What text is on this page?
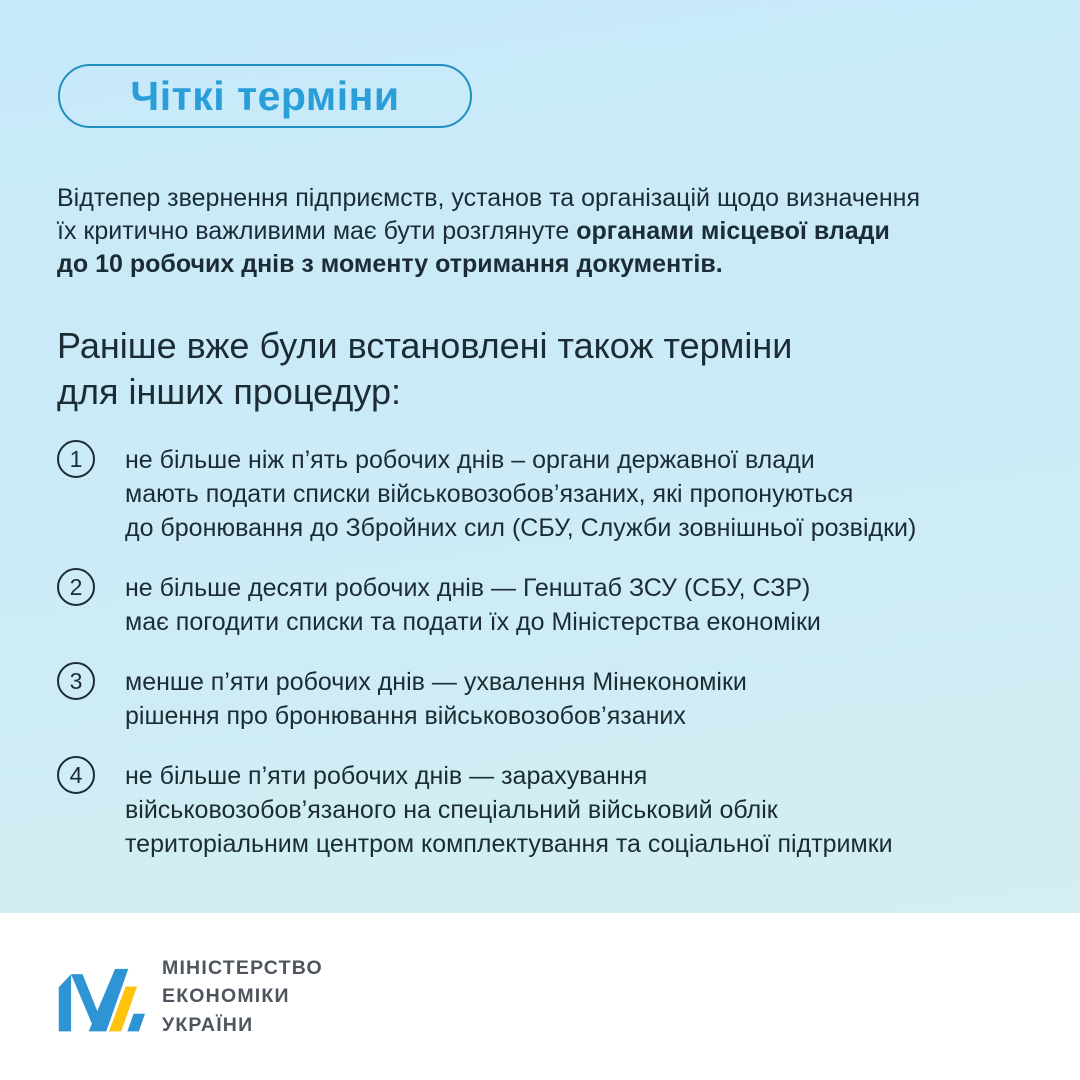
Чіткі терміни
Відтепер звернення підприємств, установ та організацій щодо визначення
їх критично важливими має бути розглянуте органами місцевої влади
до 10 робочих днів з моменту отримання документів.
Раніше вже були встановлені також терміни
для інших процедур:
1 не більше ніж п’ять робочих днів – органи державної влади
мають подати списки військовозобов’язаних, які пропонуються
до бронювання до Збройних сил (СБУ, Служби зовнішньої розвідки)
2 не більше десяти робочих днів — Генштаб ЗСУ (СБУ, СЗР)
має погодити списки та подати їх до Міністерства економіки
3 менше п’яти робочих днів — ухвалення Мінекономіки
рішення про бронювання військовозобов’язаних
4 не більше п’яти робочих днів — зарахування
військовозобов’язаного на спеціальний військовий облік
територіальним центром комплектування та соціальної підтримки
МІНІСТЕРСТВО
ЕКОНОМІКИ
УКРАЇНИ
